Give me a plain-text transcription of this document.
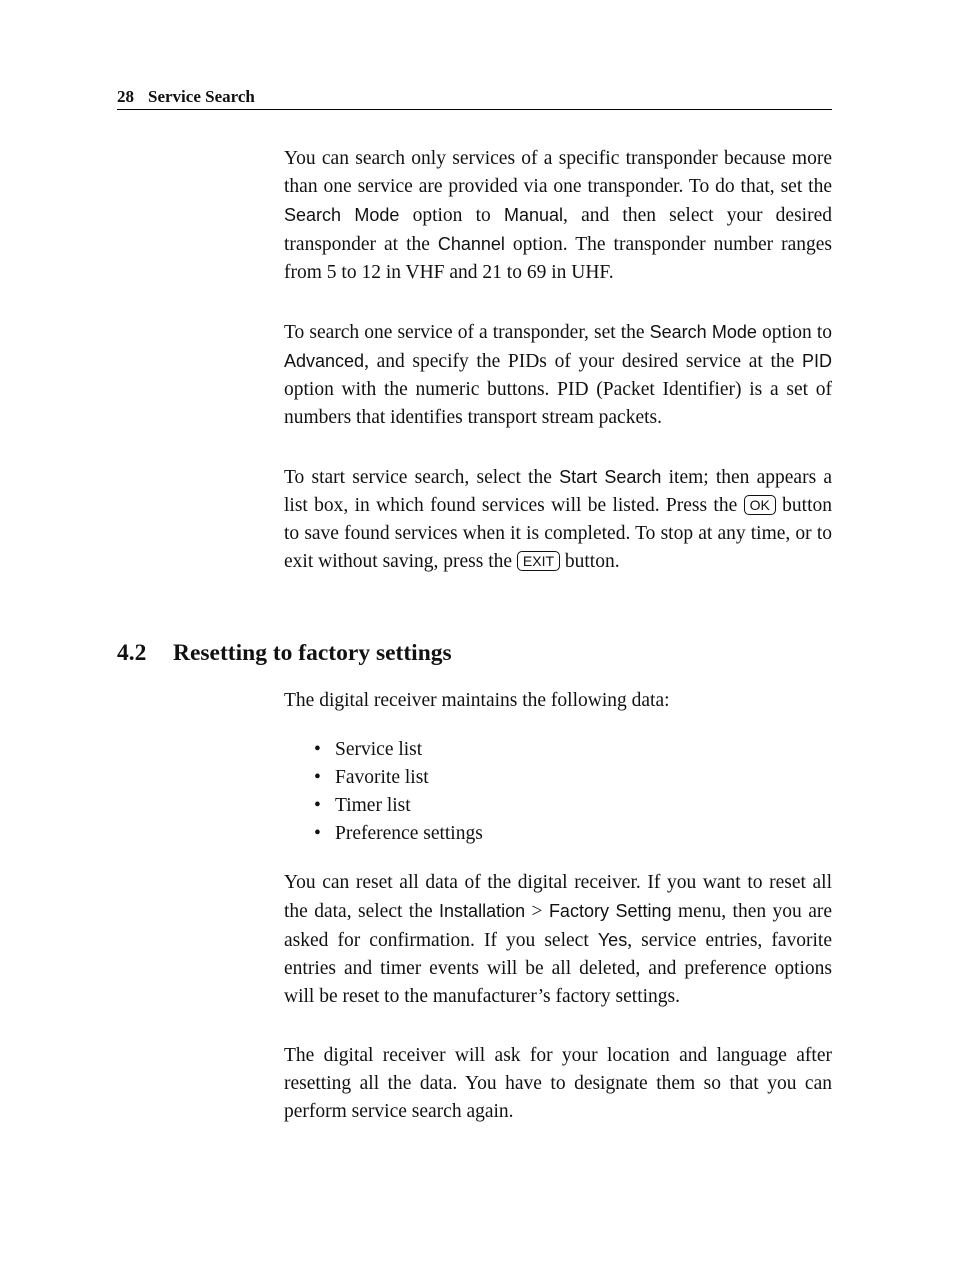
28 Service Search

You can search only services of a specific transponder because more than one service are provided via one transponder. To do that, set the Search Mode option to Manual, and then select your desired transponder at the Channel option. The transponder number ranges from 5 to 12 in VHF and 21 to 69 in UHF.

To search one service of a transponder, set the Search Mode option to Advanced, and specify the PIDs of your desired service at the PID option with the numeric buttons. PID (Packet Identifier) is a set of numbers that identifies transport stream packets.

To start service search, select the Start Search item; then appears a list box, in which found services will be listed. Press the OK button to save found services when it is completed. To stop at any time, or to exit without saving, press the EXIT button.

4.2 Resetting to factory settings

The digital receiver maintains the following data:

• Service list
• Favorite list
• Timer list
• Preference settings

You can reset all data of the digital receiver. If you want to reset all the data, select the Installation > Factory Setting menu, then you are asked for confirmation. If you select Yes, service entries, favorite entries and timer events will be all deleted, and preference options will be reset to the manufacturer’s factory settings.

The digital receiver will ask for your location and language after resetting all the data. You have to designate them so that you can perform service search again.
